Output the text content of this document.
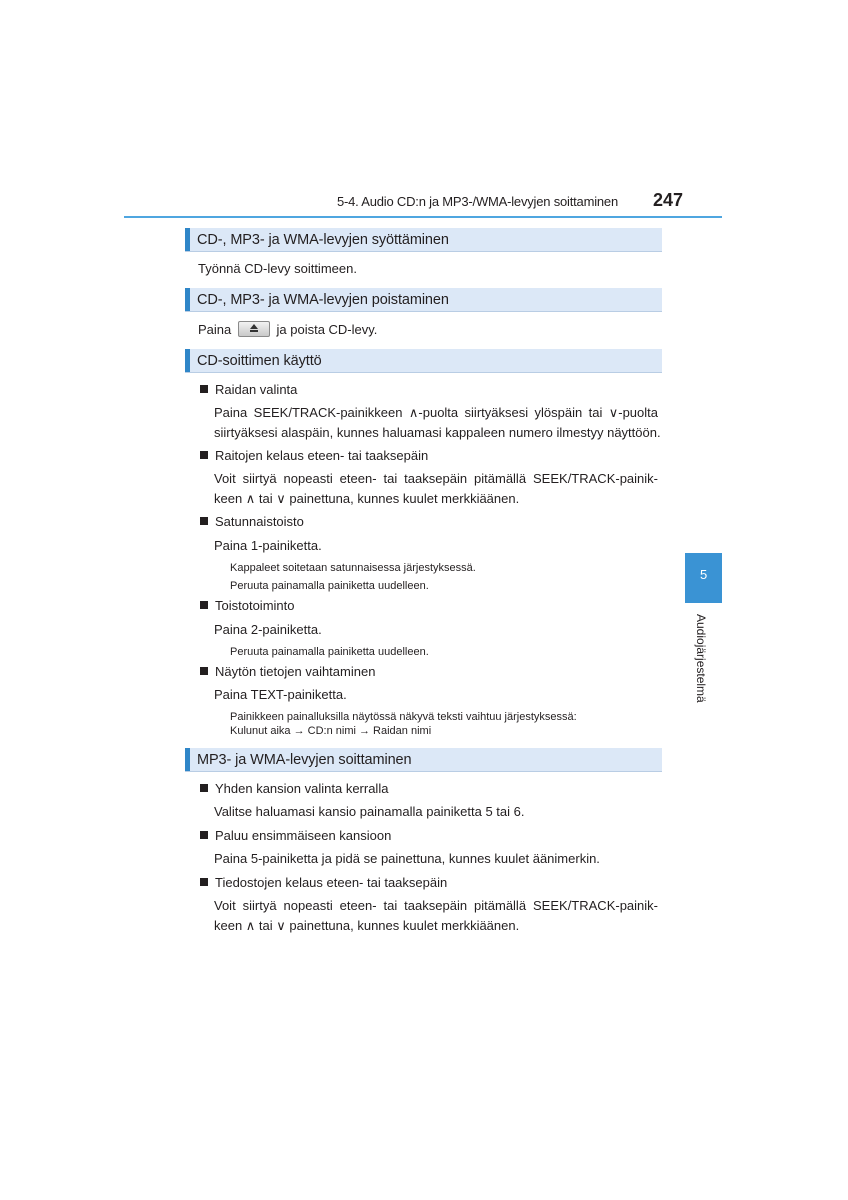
5-4. Audio CD:n ja MP3-/WMA-levyjen soittaminen 247
CD-, MP3- ja WMA-levyjen syöttäminen
Työnnä CD-levy soittimeen.
CD-, MP3- ja WMA-levyjen poistaminen
Paina	ja poista CD-levy.
CD-soittimen käyttö
Raidan valinta
Paina SEEK/TRACK-painikkeen ∧-puolta siirtyäksesi ylöspäin tai ∨-puolta
siirtyäksesi alaspäin, kunnes haluamasi kappaleen numero ilmestyy näyttöön.
Raitojen kelaus eteen- tai taaksepäin
Voit siirtyä nopeasti eteen- tai taaksepäin pitämällä SEEK/TRACK-painik-
keen ∧ tai ∨ painettuna, kunnes kuulet merkkiäänen.
Satunnaistoisto
Paina 1-painiketta.
Kappaleet soitetaan satunnaisessa järjestyksessä.
Peruuta painamalla painiketta uudelleen.
Toistotoiminto
Paina 2-painiketta.
Peruuta painamalla painiketta uudelleen.
Näytön tietojen vaihtaminen
Paina TEXT-painiketta.
Painikkeen painalluksilla näytössä näkyvä teksti vaihtuu järjestyksessä:
Kulunut aika → CD:n nimi → Raidan nimi
MP3- ja WMA-levyjen soittaminen
Yhden kansion valinta kerralla
Valitse haluamasi kansio painamalla painiketta 5 tai 6.
Paluu ensimmäiseen kansioon
Paina 5-painiketta ja pidä se painettuna, kunnes kuulet äänimerkin.
Tiedostojen kelaus eteen- tai taaksepäin
Voit siirtyä nopeasti eteen- tai taaksepäin pitämällä SEEK/TRACK-painik-
keen ∧ tai ∨ painettuna, kunnes kuulet merkkiäänen.
5
Audiojärjestelmä
